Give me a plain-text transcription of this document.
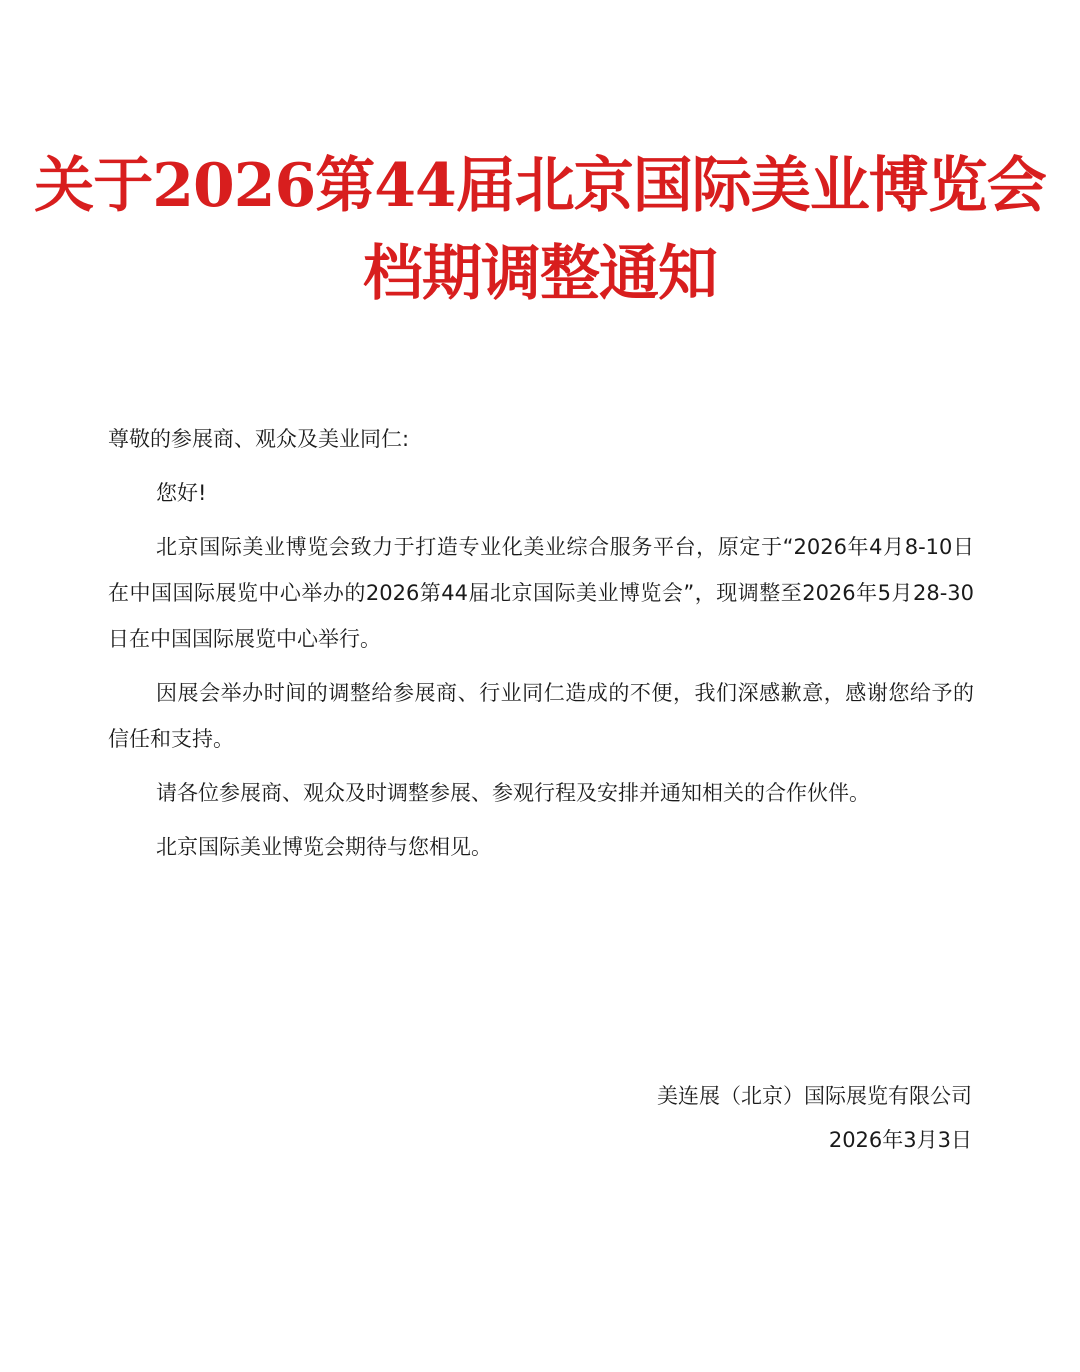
关于2026第44届北京国际美业博览会
档期调整通知
尊敬的参展商、观众及美业同仁:

您好!

北京国际美业博览会致力于打造专业化美业综合服务平台，原定于“2026年4月8-10日在中国国际展览中心举办的2026第44届北京国际美业博览会”，现调整至2026年5月28-30日在中国国际展览中心举行。

因展会举办时间的调整给参展商、行业同仁造成的不便，我们深感歉意，感谢您给予的信任和支持。

请各位参展商、观众及时调整参展、参观行程及安排并通知相关的合作伙伴。

北京国际美业博览会期待与您相见。

美连展（北京）国际展览有限公司
2026年3月3日
